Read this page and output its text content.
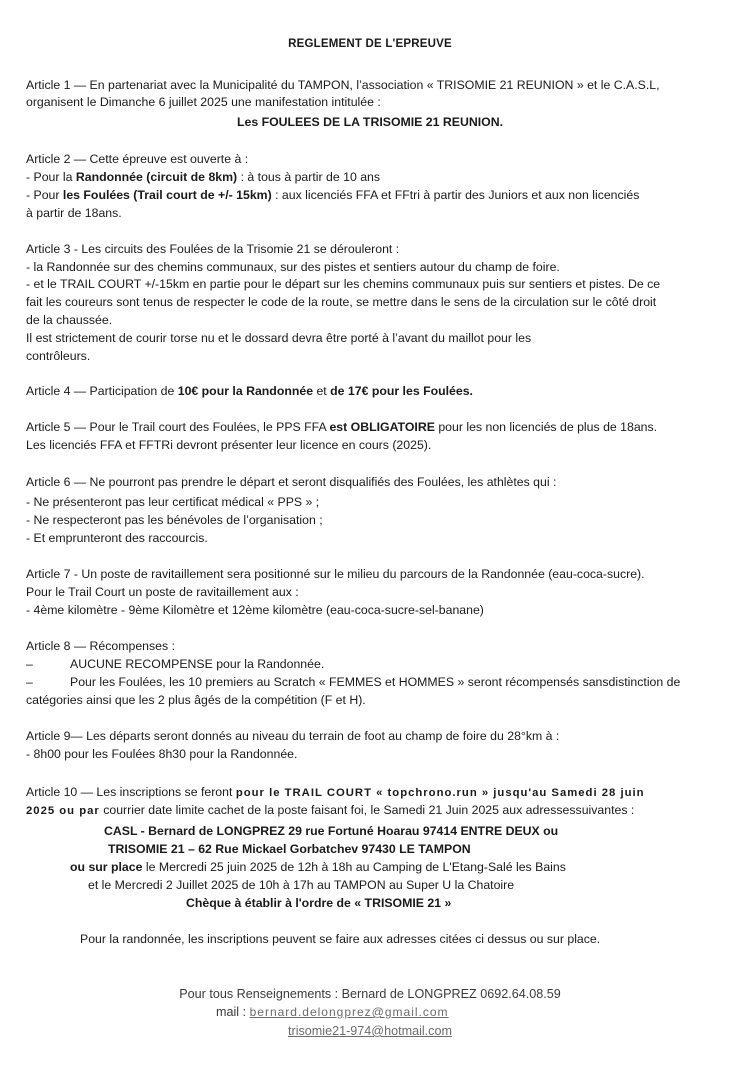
REGLEMENT DE L'EPREUVE
Article 1 — En partenariat avec la Municipalité du TAMPON, l’association « TRISOMIE 21 REUNION » et le C.A.S.L,
organisent le Dimanche 6 juillet 2025 une manifestation intitulée :
Les FOULEES DE LA TRISOMIE 21 REUNION.
Article 2 — Cette épreuve est ouverte à :
- Pour la Randonnée (circuit de 8km) : à tous à partir de 10 ans
- Pour les Foulées (Trail court de +/- 15km) : aux licenciés FFA et FFtri à partir des Juniors et aux non licenciés
à partir de 18ans.
Article 3 - Les circuits des Foulées de la Trisomie 21 se dérouleront :
- la Randonnée sur des chemins communaux, sur des pistes et sentiers autour du champ de foire.
- et le TRAIL COURT +/-15km en partie pour le départ sur les chemins communaux puis sur sentiers et pistes. De ce
fait les coureurs sont tenus de respecter le code de la route, se mettre dans le sens de la circulation sur le côté droit
de la chaussée.
Il est strictement de courir torse nu et le dossard devra être porté à l’avant du maillot pour les
contrôleurs.
Article 4 — Participation de 10€ pour la Randonnée et de 17€ pour les Foulées.
Article 5 — Pour le Trail court des Foulées, le PPS FFA est OBLIGATOIRE pour les non licenciés de plus de 18ans.
Les licenciés FFA et FFTRi devront présenter leur licence en cours (2025).
Article 6 — Ne pourront pas prendre le départ et seront disqualifiés des Foulées, les athlètes qui :
- Ne présenteront pas leur certificat médical « PPS » ;
- Ne respecteront pas les bénévoles de l’organisation ;
- Et emprunteront des raccourcis.
Article 7 - Un poste de ravitaillement sera positionné sur le milieu du parcours de la Randonnée (eau-coca-sucre).
Pour le Trail Court un poste de ravitaillement aux :
- 4ème kilomètre - 9ème Kilomètre et 12ème kilomètre (eau-coca-sucre-sel-banane)
Article 8 — Récompenses :
–	AUCUNE RECOMPENSE pour la Randonnée.
–	Pour les Foulées, les 10 premiers au Scratch « FEMMES et HOMMES » seront récompensés sansdistinction de
catégories ainsi que les 2 plus âgés de la compétition (F et H).
Article 9— Les départs seront donnés au niveau du terrain de foot au champ de foire du 28°km à :
- 8h00 pour les Foulées 8h30 pour la Randonnée.
Article 10 — Les inscriptions se feront pour le TRAIL COURT « topchrono.run » jusqu'au Samedi 28 juin
2025 ou par courrier date limite cachet de la poste faisant foi, le Samedi 21 Juin 2025 aux adressessuivantes :
CASL - Bernard de LONGPREZ 29 rue Fortuné Hoarau 97414 ENTRE DEUX ou
TRISOMIE 21 – 62 Rue Mickael Gorbatchev 97430 LE TAMPON
ou sur place le Mercredi 25 juin 2025 de 12h à 18h au Camping de L'Etang-Salé les Bains
et le Mercredi 2 Juillet 2025 de 10h à 17h au TAMPON au Super U la Chatoire
Chèque à établir à l'ordre de « TRISOMIE 21 »
Pour la randonnée, les inscriptions peuvent se faire aux adresses citées ci dessus ou sur place.
Pour tous Renseignements : Bernard de LONGPREZ 0692.64.08.59
mail : bernard.delongprez@gmail.com
trisomie21-974@hotmail.com
